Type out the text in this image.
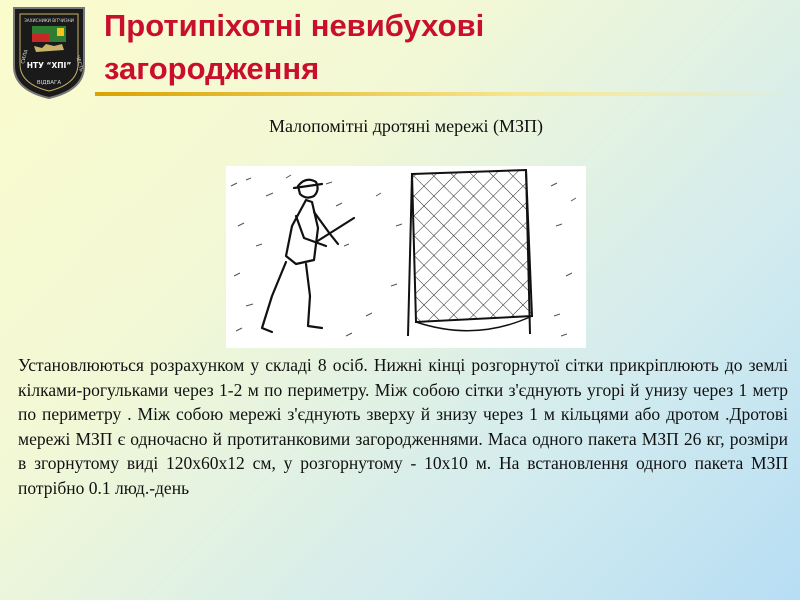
ЗАХИСНИКИ ВІТЧИЗНИ
СИЛА	ЧЕСТЬ
НТУ “ХПІ”
ВІДВАГА
Протипіхотні невибухові загородження
Малопомітні дротяні мережі (МЗП)
Установлюються розрахунком у складі 8 осіб. Нижні кінці розгорнутої сітки прикріплюють до землі кілками-рогульками через 1-2 м по периметру. Між собою сітки з'єднують угорі й унизу через 1 метр по периметру . Між собою мережі з'єднують зверху й знизу через 1 м кільцями або дротом .Дротові мережі МЗП є одночасно й протитанковими загородженнями. Маса одного пакета МЗП 26 кг, розміри в згорнутому виді 120x60x12 см, у розгорнутому - 10x10 м. На встановлення одного пакета МЗП потрібно 0.1 люд.-день
